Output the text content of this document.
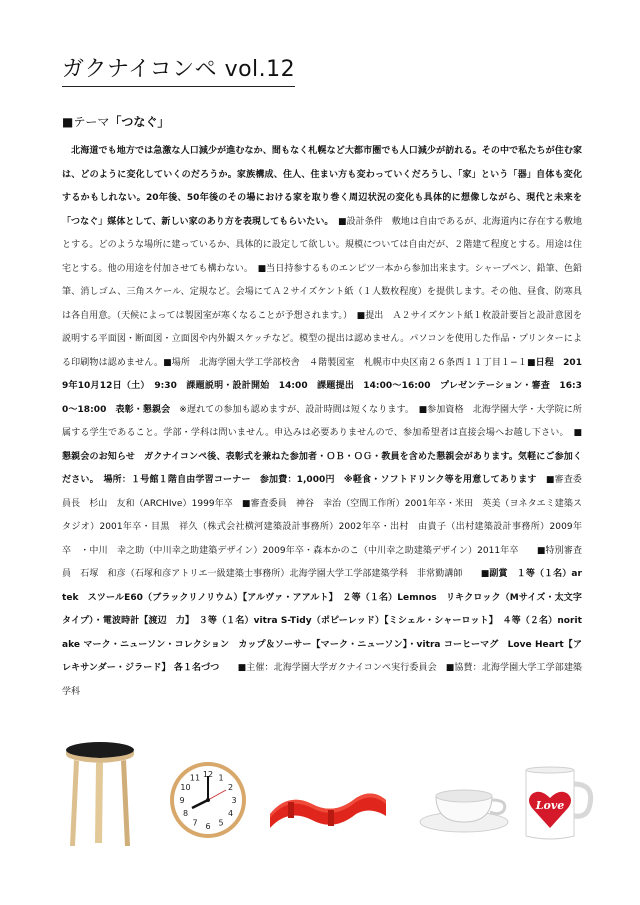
ガクナイコンペ vol.12

■テーマ「つなぐ」

　北海道でも地方では急激な人口減少が進むなか、間もなく札幌など大都市圏でも人口減少が訪れる。その中で私たちが住む家は、どのように変化していくのだろうか。家族構成、住人、住まい方も変わっていくだろうし、「家」という「器」自体も変化するかもしれない。20年後、50年後のその場における家を取り巻く周辺状況の変化も具体的に想像しながら、現代と未来を「つなぐ」媒体として、新しい家のあり方を表現してもらいたい。　■設計条件　敷地は自由であるが、北海道内に存在する敷地とする。どのような場所に建っているか、具体的に設定して欲しい。規模については自由だが、２階建て程度とする。用途は住宅とする。他の用途を付加させても構わない。　■当日持参するものエンピツ一本から参加出来ます。シャープペン、鉛筆、色鉛筆、消しゴム、三角スケール、定規など。会場にてＡ２サイズケント紙（１人数枚程度）を提供します。その他、昼食、防寒具は各自用意。（天候によっては製図室が寒くなることが予想されます。）　■提出　Ａ２サイズケント紙１枚設計要旨と設計意図を説明する平面図・断面図・立面図や内外観スケッチなど。模型の提出は認めません。パソコンを使用した作品・プリンターによる印刷物は認めません。■場所　北海学園大学工学部校舎　４階製図室　札幌市中央区南２６条西１１丁目１−１■日程　2019年10月12日（土）　9:30　課題説明・設計開始　14:00　課題提出　14:00〜16:00　プレゼンテーション・審査　16:30〜18:00　表彰・懇親会　※遅れての参加も認めますが、設計時間は短くなります。　■参加資格　北海学園大学・大学院に所属する学生であること。学部・学科は問いません。申込みは必要ありませんので、参加希望者は直接会場へお越し下さい。　■懇親会のお知らせ　ガクナイコンペ後、表彰式を兼ねた参加者・ＯＢ・ＯＧ・教員を含めた懇親会があります。気軽にご参加ください。　場所：１号館１階自由学習コーナー　参加費：1,000円　※軽食・ソフトドリンク等を用意してあります　■審査委員長　杉山　友和（ARCHIve）1999年卒　■審査委員　神谷　幸治（空間工作所）2001年卒・米田　英美（ヨネタエミ建築スタジオ）2001年卒・目黒　祥久（株式会社横河建築設計事務所）2002年卒・出村　由貴子（出村建築設計事務所）2009年卒　・中川　幸之助（中川幸之助建築デザイン）2009年卒・森本かのこ（中川幸之助建築デザイン）2011年卒　　■特別審査員　石塚　和彦（石塚和彦アトリエ一級建築士事務所）北海学園大学工学部建築学科　非常勤講師　　■副賞　１等（１名）artek　スツールE60（ブラックリノリウム）【アルヴァ・アアルト】　２等（１名）Lemnos　リキクロック（Mサイズ・太文字タイプ）・電波時計【渡辺　力】　３等（１名）vitra S-Tidy（ポピーレッド）【ミシェル・シャーロット】　４等（２名）noritake マーク・ニューソン・コレクション　カップ＆ソーサー【マーク・ニューソン】・vitra コーヒーマグ　Love Heart【アレキサンダー・ジラード】 各１名づつ　　■主催：北海学園大学ガクナイコンペ実行委員会　■協賛：北海学園大学工学部建築学科
12 1
2
3
4
5
6
7
8
9
10
11
Love
